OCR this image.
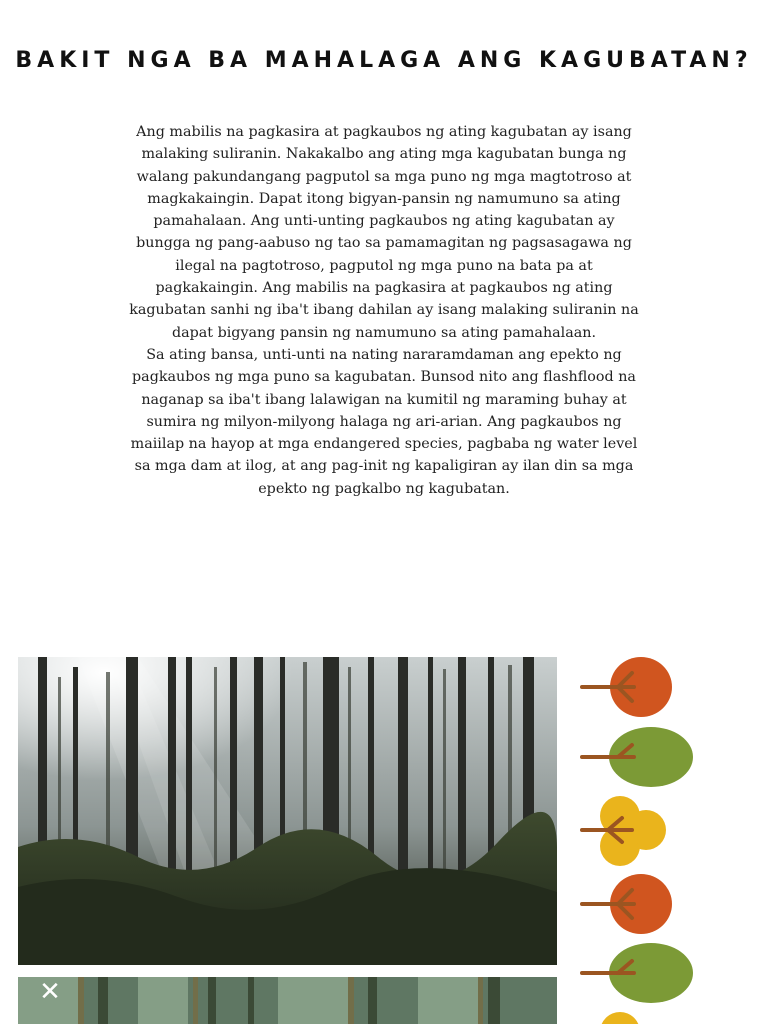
BAKIT NGA BA MAHALAGA ANG KAGUBATAN?

Ang mabilis na pagkasira at pagkaubos ng ating kagubatan ay isang malaking suliranin. Nakakalbo ang ating mga kagubatan bunga ng walang pakundangang pagputol sa mga puno ng mga magtotroso at magkakaingin. Dapat itong bigyan-pansin ng namumuno sa ating pamahalaan. Ang unti-unting pagkaubos ng ating kagubatan ay bungga ng pang-aabuso ng tao sa pamamagitan ng pagsasagawa ng ilegal na pagtotroso, pagputol ng mga puno na bata pa at pagkakaingin. Ang mabilis na pagkasira at pagkaubos ng ating kagubatan sanhi ng iba't ibang dahilan ay isang malaking suliranin na dapat bigyang pansin ng namumuno sa ating pamahalaan.

Sa ating bansa, unti-unti na nating nararamdaman ang epekto ng pagkaubos ng mga puno sa kagubatan. Bunsod nito ang flashflood na naganap sa iba't ibang lalawigan na kumitil ng maraming buhay at sumira ng milyon-milyong halaga ng ari-arian. Ang pagkaubos ng maiilap na hayop at mga endangered species, pagbaba ng water level sa mga dam at ilog, at ang pag-init ng kapaligiran ay ilan din sa mga epekto ng pagkalbo ng kagubatan.

✕
